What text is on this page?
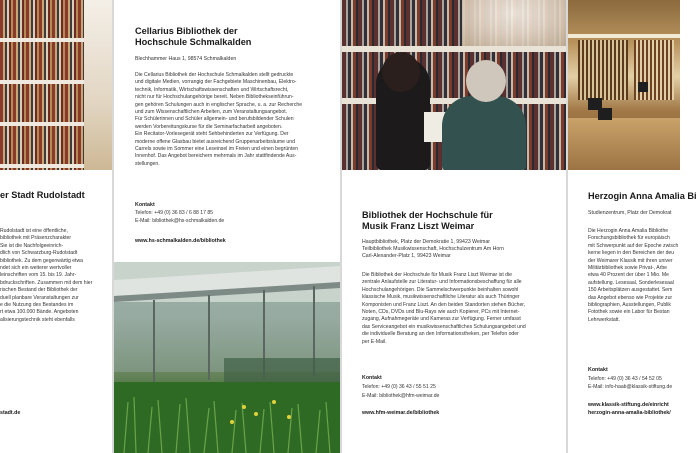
er Stadt Rudolstadt
Rudolstadt ist eine öffentliche,
bibliothek mit Präsenzcharakter
Sie ist die Nachfolgeeinrich-
dlich von Schwarzburg-Rudolstadt
bibliothek. Zu dem gegenwärtig etwa
ndet sich ein weiterer wertvoller
leinschriften vom 15. bis 19. Jahr-
bdruckschriften. Zusammen mit dem hier
rischen Bestand der Bibliothek der
duell planbare Veranstaltungen zur
e die Nutzung des Bestandes im
rt etwa 100.000 Bände. Angeboten
alisierungstechnik steht ebenfalls
stadt.de
Cellarius Bibliothek der
Hochschule Schmalkalden
Blechhammer Haus 1, 98574 Schmalkalden
Die Cellarius Bibliothek der Hochschule Schmalkalden stellt gedruckte
und digitale Medien, vorrangig der Fachgebiete Maschinenbau, Elektro-
technik, Informatik, Wirtschaftswissenschaften und Wirtschaftsrecht,
nicht nur für Hochschulangehörige bereit. Neben Bibliothekseinführun-
gen gehören Schulungen auch in englischer Sprache, u. a. zur Recherche
und zum Wissenschaftlichen Arbeiten, zum Veranstaltungsangebot.
Für Schülerinnen und Schüler allgemein- und berufsbildender Schulen
werden Vorbereitungskurse für die Seminarfacharbeit angeboten.
Ein Recitator-Vorlesegerät steht Sehbehinderten zur Verfügung. Der
moderne offene Glasbau bietet ausreichend Gruppenarbeitsräume und
Carrels sowie im Sommer eine Leseinsel im Freien und einen begrünten
Innenhof. Das Angebot bereichern mehrmals im Jahr stattfindende Aus-
stellungen.
Kontakt
Telefon: +49 (0) 36 83 / 6 88 17 85
E-Mail: bibliothek@hs-schmalkalden.de
www.hs-schmalkalden.de/bibliothek
Bibliothek der Hochschule für
Musik Franz Liszt Weimar
Hauptbibliothek, Platz der Demokratie 1, 99423 Weimar
Teilbibliothek Musikwissenschaft, Hochschulzentrum Am Horn
Carl-Alexander-Platz 1, 99423 Weimar
Die Bibliothek der Hochschule für Musik Franz Liszt Weimar ist die
zentrale Anlaufstelle zur Literatur- und Informationsbeschaffung für alle
Hochschulangehörigen. Die Sammelschwerpunkte beinhalten sowohl
klassische Musik, musikwissenschaftliche Literatur als auch Thüringer
Komponisten und Franz Liszt. An den beiden Standorten stehen Bücher,
Noten, CDs, DVDs und Blu-Rays wie auch Kopierer, PCs mit Internet-
zugang, Aufnahmegeräte und Kameras zur Verfügung. Ferner umfasst
das Serviceangebot ein musikwissenschaftliches Schulungsangebot und
die individuelle Beratung an den Informationstheken, per Telefon oder
per E-Mail.
Kontakt
Telefon: +49 (0) 36 43 / 55 51 25
E-Mail: bibliothek@hfm-weimar.de
www.hfm-weimar.de/bibliothek
Herzogin Anna Amalia Bi
Studienzentrum, Platz der Demokrat
Die Herzogin Anna Amalia Bibliothe
Forschungsbibliothek für europäisch
mit Schwerpunkt auf der Epoche zwisch
kerne liegen in den Bereichen der deu
der Weimarer Klassik mit ihren univer
Militärbibliothek sowie Privat-, Arbe
etwa 40 Prozent der über 1 Mio. Me
aufstellung. Lesesaal, Sonderlesesaal
150 Arbeitsplätzen ausgestattet. Sem
das Angebot ebenso wie Projekte zur
bibliographien, Ausstellungen, Publik
Fotothek sowie ein Labor für Bestan
Lehrwerkstatt.
Kontakt
Telefon: +49 (0) 36 43 / 54 52 05
E-Mail: info-haab@klassik-stiftung.de
www.klassik-stiftung.de/einricht
herzogin-anna-amalia-bibliothek/
